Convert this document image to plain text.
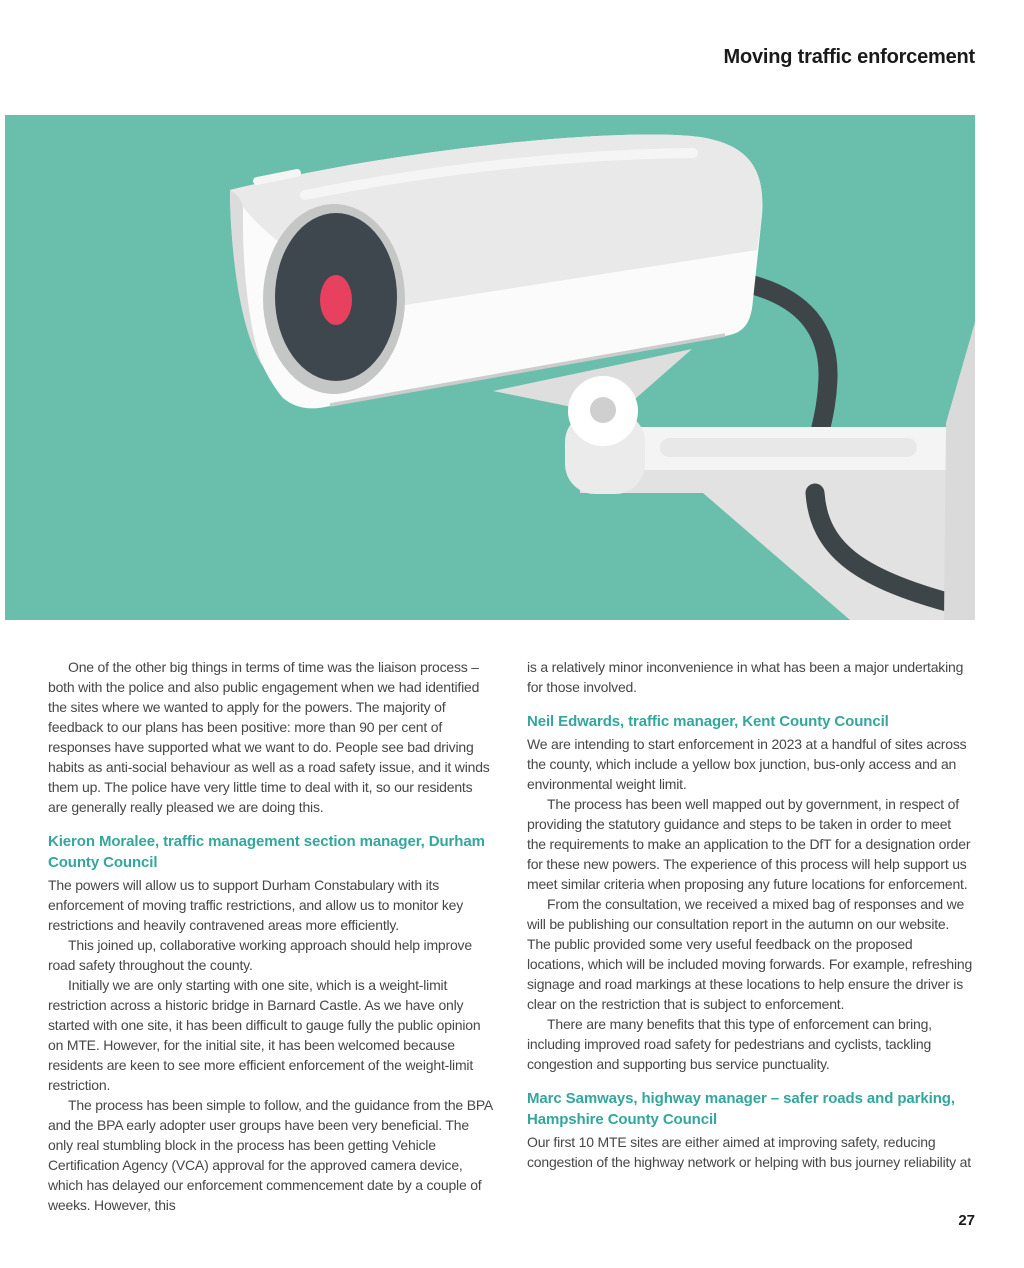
Moving traffic enforcement

One of the other big things in terms of time was the liaison process – both with the police and also public engagement when we had identified the sites where we wanted to apply for the powers. The majority of feedback to our plans has been positive: more than 90 per cent of responses have supported what we want to do. People see bad driving habits as anti-social behaviour as well as a road safety issue, and it winds them up. The police have very little time to deal with it, so our residents are generally really pleased we are doing this.

Kieron Moralee, traffic management section manager, Durham County Council

The powers will allow us to support Durham Constabulary with its enforcement of moving traffic restrictions, and allow us to monitor key restrictions and heavily contravened areas more efficiently.

This joined up, collaborative working approach should help improve road safety throughout the county.

Initially we are only starting with one site, which is a weight-limit restriction across a historic bridge in Barnard Castle. As we have only started with one site, it has been difficult to gauge fully the public opinion on MTE. However, for the initial site, it has been welcomed because residents are keen to see more efficient enforcement of the weight-limit restriction.

The process has been simple to follow, and the guidance from the BPA and the BPA early adopter user groups have been very beneficial. The only real stumbling block in the process has been getting Vehicle Certification Agency (VCA) approval for the approved camera device, which has delayed our enforcement commencement date by a couple of weeks. However, this

is a relatively minor inconvenience in what has been a major undertaking for those involved.

Neil Edwards, traffic manager, Kent County Council

We are intending to start enforcement in 2023 at a handful of sites across the county, which include a yellow box junction, bus-only access and an environmental weight limit.

The process has been well mapped out by government, in respect of providing the statutory guidance and steps to be taken in order to meet the requirements to make an application to the DfT for a designation order for these new powers. The experience of this process will help support us meet similar criteria when proposing any future locations for enforcement.

From the consultation, we received a mixed bag of responses and we will be publishing our consultation report in the autumn on our website. The public provided some very useful feedback on the proposed locations, which will be included moving forwards. For example, refreshing signage and road markings at these locations to help ensure the driver is clear on the restriction that is subject to enforcement.

There are many benefits that this type of enforcement can bring, including improved road safety for pedestrians and cyclists, tackling congestion and supporting bus service punctuality.

Marc Samways, highway manager – safer roads and parking, Hampshire County Council

Our first 10 MTE sites are either aimed at improving safety, reducing congestion of the highway network or helping with bus journey reliability at

27
